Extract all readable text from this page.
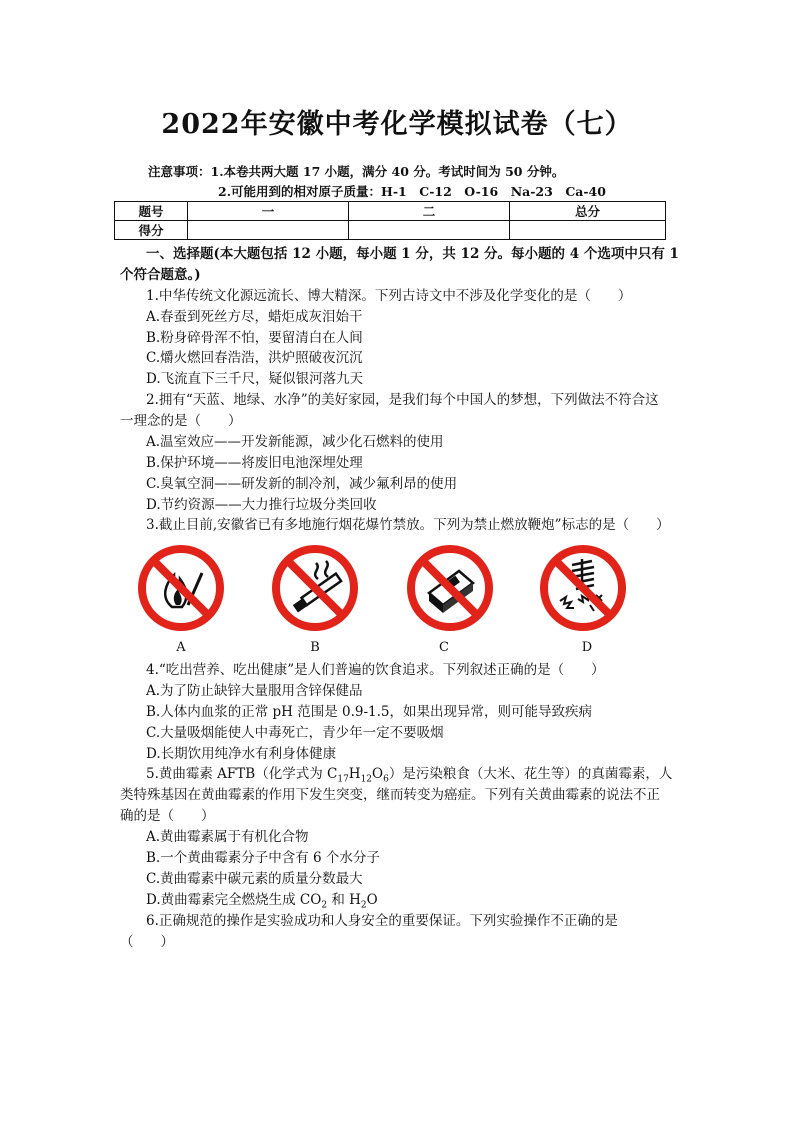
2022年安徽中考化学模拟试卷（七）
注意事项：1.本卷共两大题 17 小题，满分 40 分。考试时间为 50 分钟。
2.可能用到的相对原子质量：H-1　C-12　O-16　Na-23　Ca-40
题号	一	二	总分
得分			
一、选择题(本大题包括 12 小题，每小题 1 分，共 12 分。每小题的 4 个选项中只有 1
个符合题意。)
1.中华传统文化源远流长、博大精深。下列古诗文中不涉及化学变化的是（　　）
A.春蚕到死丝方尽，蜡炬成灰泪始干
B.粉身碎骨浑不怕，要留清白在人间
C.爝火燃回春浩浩，洪炉照破夜沉沉
D.飞流直下三千尺，疑似银河落九天
2.拥有“天蓝、地绿、水净”的美好家园，是我们每个中国人的梦想，下列做法不符合这
一理念的是（　　）
A.温室效应——开发新能源，减少化石燃料的使用
B.保护环境——将废旧电池深埋处理
C.臭氧空洞——研发新的制冷剂，减少氟利昂的使用
D.节约资源——大力推行垃圾分类回收
3.截止目前,安徽省已有多地施行烟花爆竹禁放。下列为禁止燃放鞭炮”标志的是（　　）
A	B	C	D
4.“吃出营养、吃出健康”是人们普遍的饮食追求。下列叙述正确的是（　　）
A.为了防止缺锌大量服用含锌保健品
B.人体内血浆的正常 pH 范围是 0.9-1.5，如果出现异常，则可能导致疾病
C.大量吸烟能使人中毒死亡，青少年一定不要吸烟
D.长期饮用纯净水有利身体健康
5.黄曲霉素 AFTB（化学式为 $C_{17}H_{12}O_6$）是污染粮食（大米、花生等）的真菌霉素，人
类特殊基因在黄曲霉素的作用下发生突变，继而转变为癌症。下列有关黄曲霉素的说法不正
确的是（　　）
A.黄曲霉素属于有机化合物
B.一个黄曲霉素分子中含有 6 个水分子
C.黄曲霉素中碳元素的质量分数最大
D.黄曲霉素完全燃烧生成 $CO_2$ 和 $H_2O$
6.正确规范的操作是实验成功和人身安全的重要保证。下列实验操作不正确的是
（　　）
